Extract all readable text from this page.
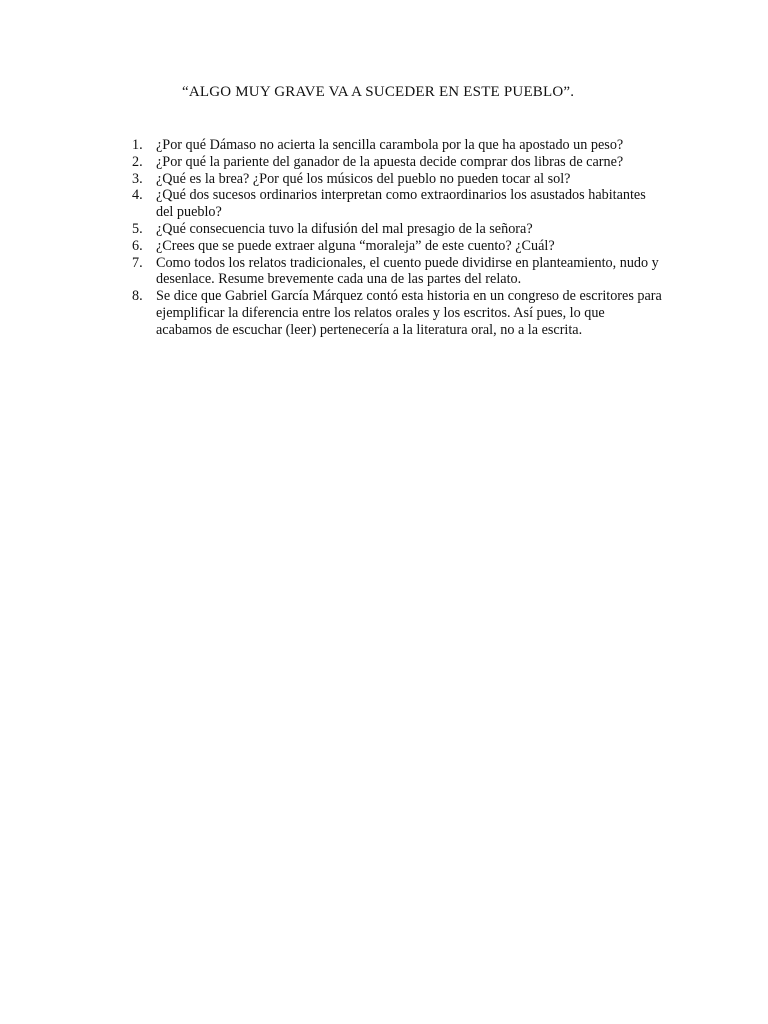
“ALGO MUY GRAVE VA A SUCEDER EN ESTE PUEBLO”.
1. ¿Por qué Dámaso no acierta la sencilla carambola por la que ha apostado un peso?
2. ¿Por qué la pariente del ganador de la apuesta decide comprar dos libras de carne?
3. ¿Qué es la brea? ¿Por qué los músicos del pueblo no pueden tocar al sol?
4. ¿Qué dos sucesos ordinarios interpretan como extraordinarios los asustados habitantes del pueblo?
5. ¿Qué consecuencia tuvo la difusión del mal presagio de la señora?
6. ¿Crees que se puede extraer alguna “moraleja” de este cuento? ¿Cuál?
7. Como todos los relatos tradicionales, el cuento puede dividirse en planteamiento, nudo y desenlace. Resume brevemente cada una de las partes del relato.
8. Se dice que Gabriel García Márquez contó esta historia en un congreso de escritores para ejemplificar la diferencia entre los relatos orales y los escritos. Así pues, lo que acabamos de escuchar (leer) pertenecería a la literatura oral, no a la escrita.
